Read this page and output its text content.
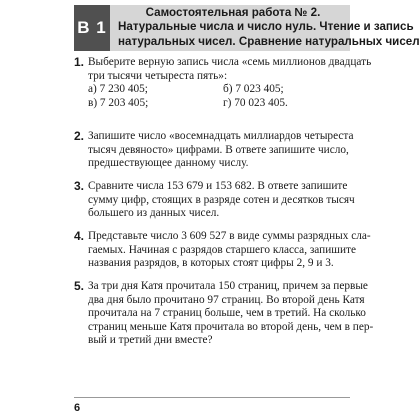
В 1
Самостоятельная работа № 2.
Натуральные числа и число нуль. Чтение и запись
натуральных чисел. Сравнение натуральных чисел
1. Выберите верную запись числа «семь миллионов двадцать
три тысячи четыреста пять»:
а) 7 230 405;	б) 7 023 405;
в) 7 203 405;	г) 70 023 405.
2. Запишите число «восемнадцать миллиардов четыреста
тысяч девяносто» цифрами. В ответе запишите число,
предшествующее данному числу.
3. Сравните числа 153 679 и 153 682. В ответе запишите
сумму цифр, стоящих в разряде сотен и десятков тысяч
большего из данных чисел.
4. Представьте число 3 609 527 в виде суммы разрядных сла-
гаемых. Начиная с разрядов старшего класса, запишите
названия разрядов, в которых стоят цифры 2, 9 и 3.
5. За три дня Катя прочитала 150 страниц, причем за первые
два дня было прочитано 97 страниц. Во второй день Катя
прочитала на 7 страниц больше, чем в третий. На сколько
страниц меньше Катя прочитала во второй день, чем в пер-
вый и третий дни вместе?
6
